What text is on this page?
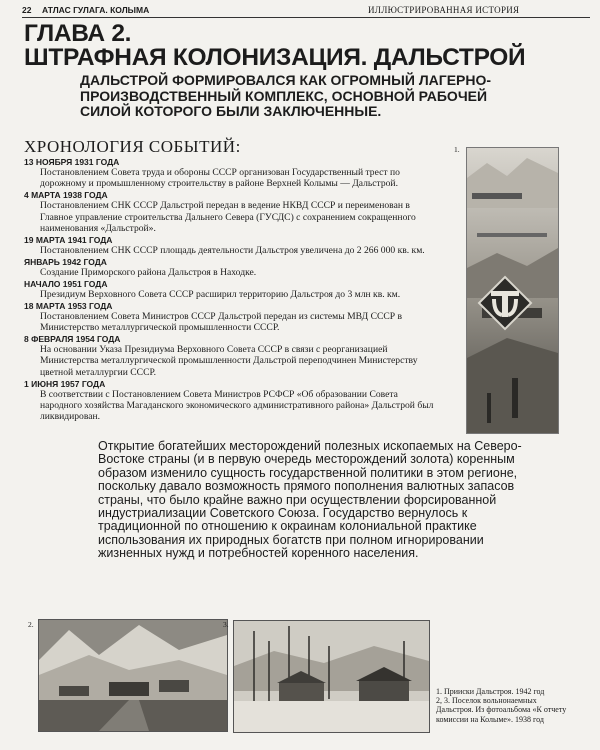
22 АТЛАС ГУЛАГА. КОЛЫМА	ИЛЛЮСТРИРОВАННАЯ ИСТОРИЯ
ГЛАВА 2.
ШТРАФНАЯ КОЛОНИЗАЦИЯ. ДАЛЬСТРОЙ
ДАЛЬСТРОЙ ФОРМИРОВАЛСЯ КАК ОГРОМНЫЙ ЛАГЕРНО-ПРОИЗВОДСТВЕННЫЙ КОМПЛЕКС, ОСНОВНОЙ РАБОЧЕЙ СИЛОЙ КОТОРОГО БЫЛИ ЗАКЛЮЧЕННЫЕ.
ХРОНОЛОГИЯ СОБЫТИЙ:
13 НОЯБРЯ 1931 ГОДА
Постановлением Совета труда и обороны СССР организован Государственный трест по дорожному и промышленному строительству в районе Верхней Колымы — Дальстрой.
4 МАРТА 1938 ГОДА
Постановлением СНК СССР Дальстрой передан в ведение НКВД СССР и переименован в Главное управление строительства Дальнего Севера (ГУСДС) с сохранением сокращенного наименования «Дальстрой».
19 МАРТА 1941 ГОДА
Постановлением СНК СССР площадь деятельности Дальстроя увеличена до 2 266 000 кв. км.
ЯНВАРЬ 1942 ГОДА
Создание Приморского района Дальстроя в Находке.
НАЧАЛО 1951 ГОДА
Президиум Верховного Совета СССР расширил территорию Дальстроя до 3 млн кв. км.
18 МАРТА 1953 ГОДА
Постановлением Совета Министров СССР Дальстрой передан из системы МВД СССР в Министерство металлургической промышленности СССР.
8 ФЕВРАЛЯ 1954 ГОДА
На основании Указа Президиума Верховного Совета СССР в связи с реорганизацией Министерства металлургической промышленности Дальстрой переподчинен Министерству цветной металлургии СССР.
1 ИЮНЯ 1957 ГОДА
В соответствии с Постановлением Совета Министров РСФСР «Об образовании Совета народного хозяйства Магаданского экономического административного района» Дальстрой был ликвидирован.
1.
Открытие богатейших месторождений полезных ископаемых на Северо-Востоке страны (и в первую очередь месторождений золота) коренным образом изменило сущность государственной политики в этом регионе, поскольку давало возможность прямого пополнения валютных запасов страны, что было крайне важно при осуществлении форсированной индустриализации Советского Союза. Государство вернулось к традиционной по отношению к окраинам колониальной практике использования их природных богатств при полном игнорировании жизненных нужд и потребностей коренного населения.
2.	3.
1. Прииски Дальстроя. 1942 год
2, 3. Поселок вольнонаемных Дальстроя. Из фотоальбома «К отчету комиссии на Колыме». 1938 год
